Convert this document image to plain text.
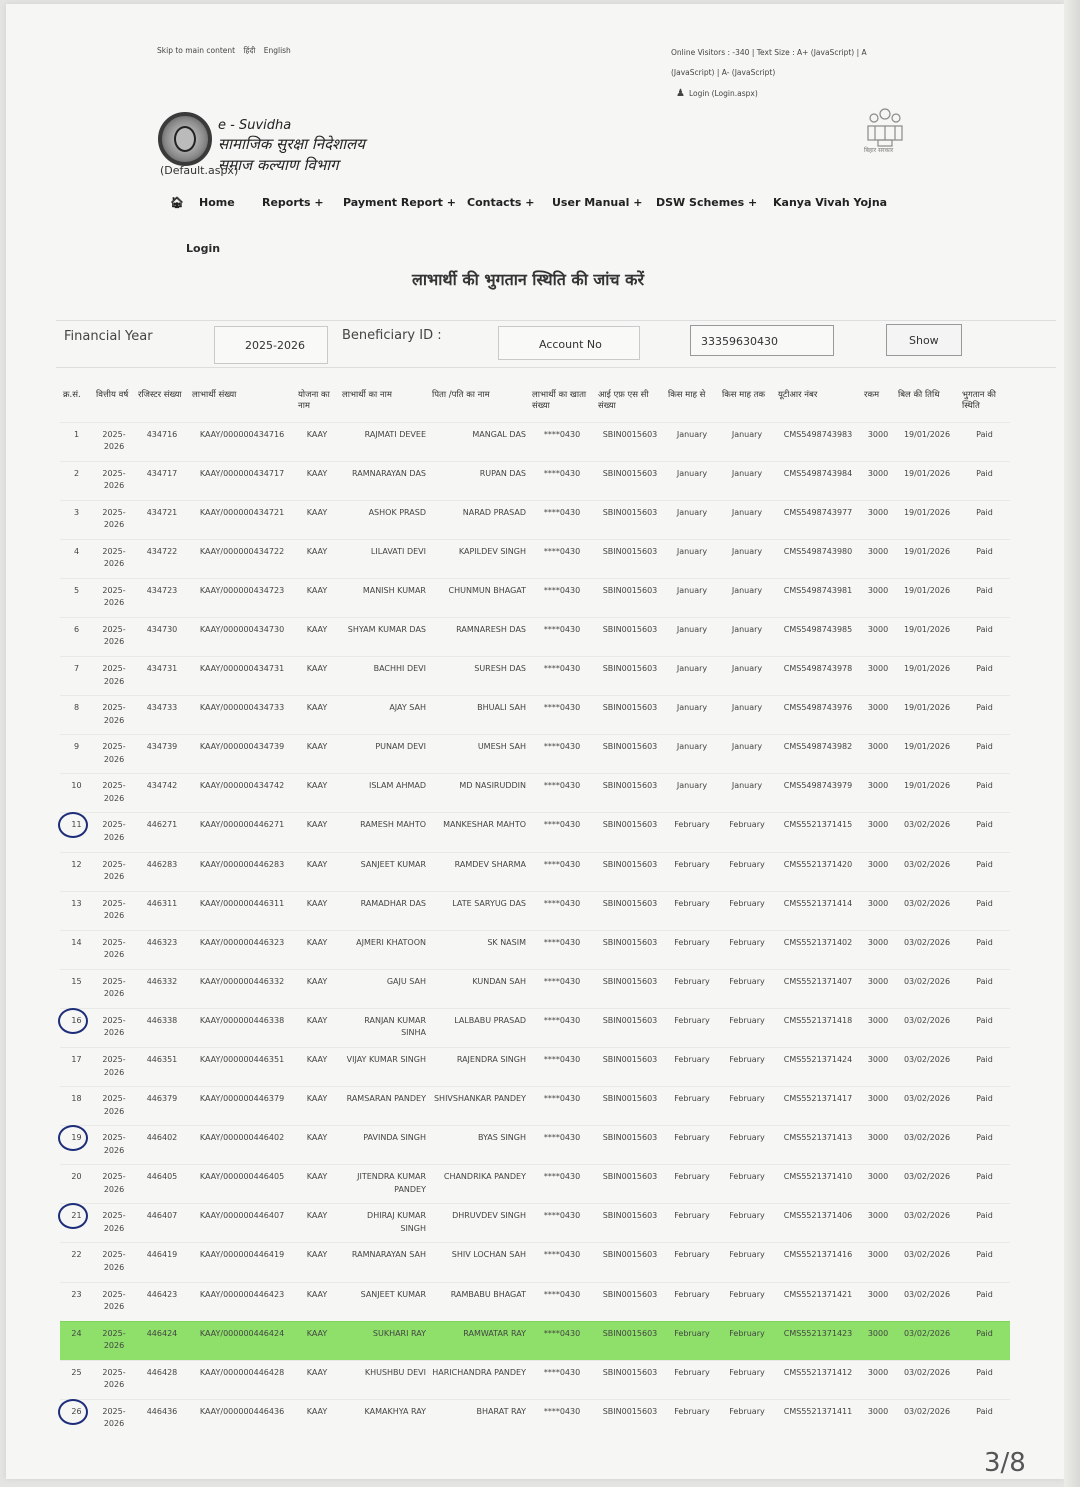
Skip to main content हिंदी English	Online Visitors : -340 | Text Size : A+ (JavaScript) | A
(JavaScript) | A- (JavaScript)
♟ Login (Login.aspx)
e - Suvidha
सामाजिक सुरक्षा निदेशालय
समाज कल्याण विभाग
(Default.aspx)
बिहार सरकार
🏠︎ Home Reports + Payment Report + Contacts + User Manual + DSW Schemes + Kanya Vivah Yojna
Login
लाभार्थी की भुगतान स्थिति की जांच करें
Financial Year
2025-2026
Beneficiary ID :
Account No	33359630430	Show
क्र.सं.	वित्तीय वर्ष	रजिस्टर संख्या	लाभार्थी संख्या	योजना का नाम	लाभार्थी का नाम	पिता /पति का नाम	लाभार्थी का खाता संख्या	आई एफ़ एस सी संख्या	किस माह से	किस माह तक	यूटीआर नंबर	रकम	बिल की तिथि	भुगतान की स्थिति
1	2025-2026	434716	KAAY/000000434716	KAAY	RAJMATI DEVEE	MANGAL DAS	****0430	SBIN0015603	January	January	CMS5498743983	3000	19/01/2026	Paid
2	2025-2026	434717	KAAY/000000434717	KAAY	RAMNARAYAN DAS	RUPAN DAS	****0430	SBIN0015603	January	January	CMS5498743984	3000	19/01/2026	Paid
3	2025-2026	434721	KAAY/000000434721	KAAY	ASHOK PRASD	NARAD PRASAD	****0430	SBIN0015603	January	January	CMS5498743977	3000	19/01/2026	Paid
4	2025-2026	434722	KAAY/000000434722	KAAY	LILAVATI DEVI	KAPILDEV SINGH	****0430	SBIN0015603	January	January	CMS5498743980	3000	19/01/2026	Paid
5	2025-2026	434723	KAAY/000000434723	KAAY	MANISH KUMAR	CHUNMUN BHAGAT	****0430	SBIN0015603	January	January	CMS5498743981	3000	19/01/2026	Paid
6	2025-2026	434730	KAAY/000000434730	KAAY	SHYAM KUMAR DAS	RAMNARESH DAS	****0430	SBIN0015603	January	January	CMS5498743985	3000	19/01/2026	Paid
7	2025-2026	434731	KAAY/000000434731	KAAY	BACHHI DEVI	SURESH DAS	****0430	SBIN0015603	January	January	CMS5498743978	3000	19/01/2026	Paid
8	2025-2026	434733	KAAY/000000434733	KAAY	AJAY SAH	BHUALI SAH	****0430	SBIN0015603	January	January	CMS5498743976	3000	19/01/2026	Paid
9	2025-2026	434739	KAAY/000000434739	KAAY	PUNAM DEVI	UMESH SAH	****0430	SBIN0015603	January	January	CMS5498743982	3000	19/01/2026	Paid
10	2025-2026	434742	KAAY/000000434742	KAAY	ISLAM AHMAD	MD NASIRUDDIN	****0430	SBIN0015603	January	January	CMS5498743979	3000	19/01/2026	Paid

11	2025-2026	446271	KAAY/000000446271	KAAY	RAMESH MAHTO	MANKESHAR MAHTO	****0430	SBIN0015603	February	February	CMS5521371415	3000	03/02/2026	Paid
12	2025-2026	446283	KAAY/000000446283	KAAY	SANJEET KUMAR	RAMDEV SHARMA	****0430	SBIN0015603	February	February	CMS5521371420	3000	03/02/2026	Paid
13	2025-2026	446311	KAAY/000000446311	KAAY	RAMADHAR DAS	LATE SARYUG DAS	****0430	SBIN0015603	February	February	CMS5521371414	3000	03/02/2026	Paid
14	2025-2026	446323	KAAY/000000446323	KAAY	AJMERI KHATOON	SK NASIM	****0430	SBIN0015603	February	February	CMS5521371402	3000	03/02/2026	Paid
15	2025-2026	446332	KAAY/000000446332	KAAY	GAJU SAH	KUNDAN SAH	****0430	SBIN0015603	February	February	CMS5521371407	3000	03/02/2026	Paid

16	2025-2026	446338	KAAY/000000446338	KAAY	RANJAN KUMAR SINHA	LALBABU PRASAD	****0430	SBIN0015603	February	February	CMS5521371418	3000	03/02/2026	Paid
17	2025-2026	446351	KAAY/000000446351	KAAY	VIJAY KUMAR SINGH	RAJENDRA SINGH	****0430	SBIN0015603	February	February	CMS5521371424	3000	03/02/2026	Paid
18	2025-2026	446379	KAAY/000000446379	KAAY	RAMSARAN PANDEY	SHIVSHANKAR PANDEY	****0430	SBIN0015603	February	February	CMS5521371417	3000	03/02/2026	Paid

19	2025-2026	446402	KAAY/000000446402	KAAY	PAVINDA SINGH	BYAS SINGH	****0430	SBIN0015603	February	February	CMS5521371413	3000	03/02/2026	Paid
20	2025-2026	446405	KAAY/000000446405	KAAY	JITENDRA KUMAR PANDEY	CHANDRIKA PANDEY	****0430	SBIN0015603	February	February	CMS5521371410	3000	03/02/2026	Paid

21	2025-2026	446407	KAAY/000000446407	KAAY	DHIRAJ KUMAR SINGH	DHRUVDEV SINGH	****0430	SBIN0015603	February	February	CMS5521371406	3000	03/02/2026	Paid
22	2025-2026	446419	KAAY/000000446419	KAAY	RAMNARAYAN SAH	SHIV LOCHAN SAH	****0430	SBIN0015603	February	February	CMS5521371416	3000	03/02/2026	Paid
23	2025-2026	446423	KAAY/000000446423	KAAY	SANJEET KUMAR	RAMBABU BHAGAT	****0430	SBIN0015603	February	February	CMS5521371421	3000	03/02/2026	Paid
24	2025-2026	446424	KAAY/000000446424	KAAY	SUKHARI RAY	RAMWATAR RAY	****0430	SBIN0015603	February	February	CMS5521371423	3000	03/02/2026	Paid
25	2025-2026	446428	KAAY/000000446428	KAAY	KHUSHBU DEVI	HARICHANDRA PANDEY	****0430	SBIN0015603	February	February	CMS5521371412	3000	03/02/2026	Paid

26	2025-2026	446436	KAAY/000000446436	KAAY	KAMAKHYA RAY	BHARAT RAY	****0430	SBIN0015603	February	February	CMS5521371411	3000	03/02/2026	Paid
3/8
